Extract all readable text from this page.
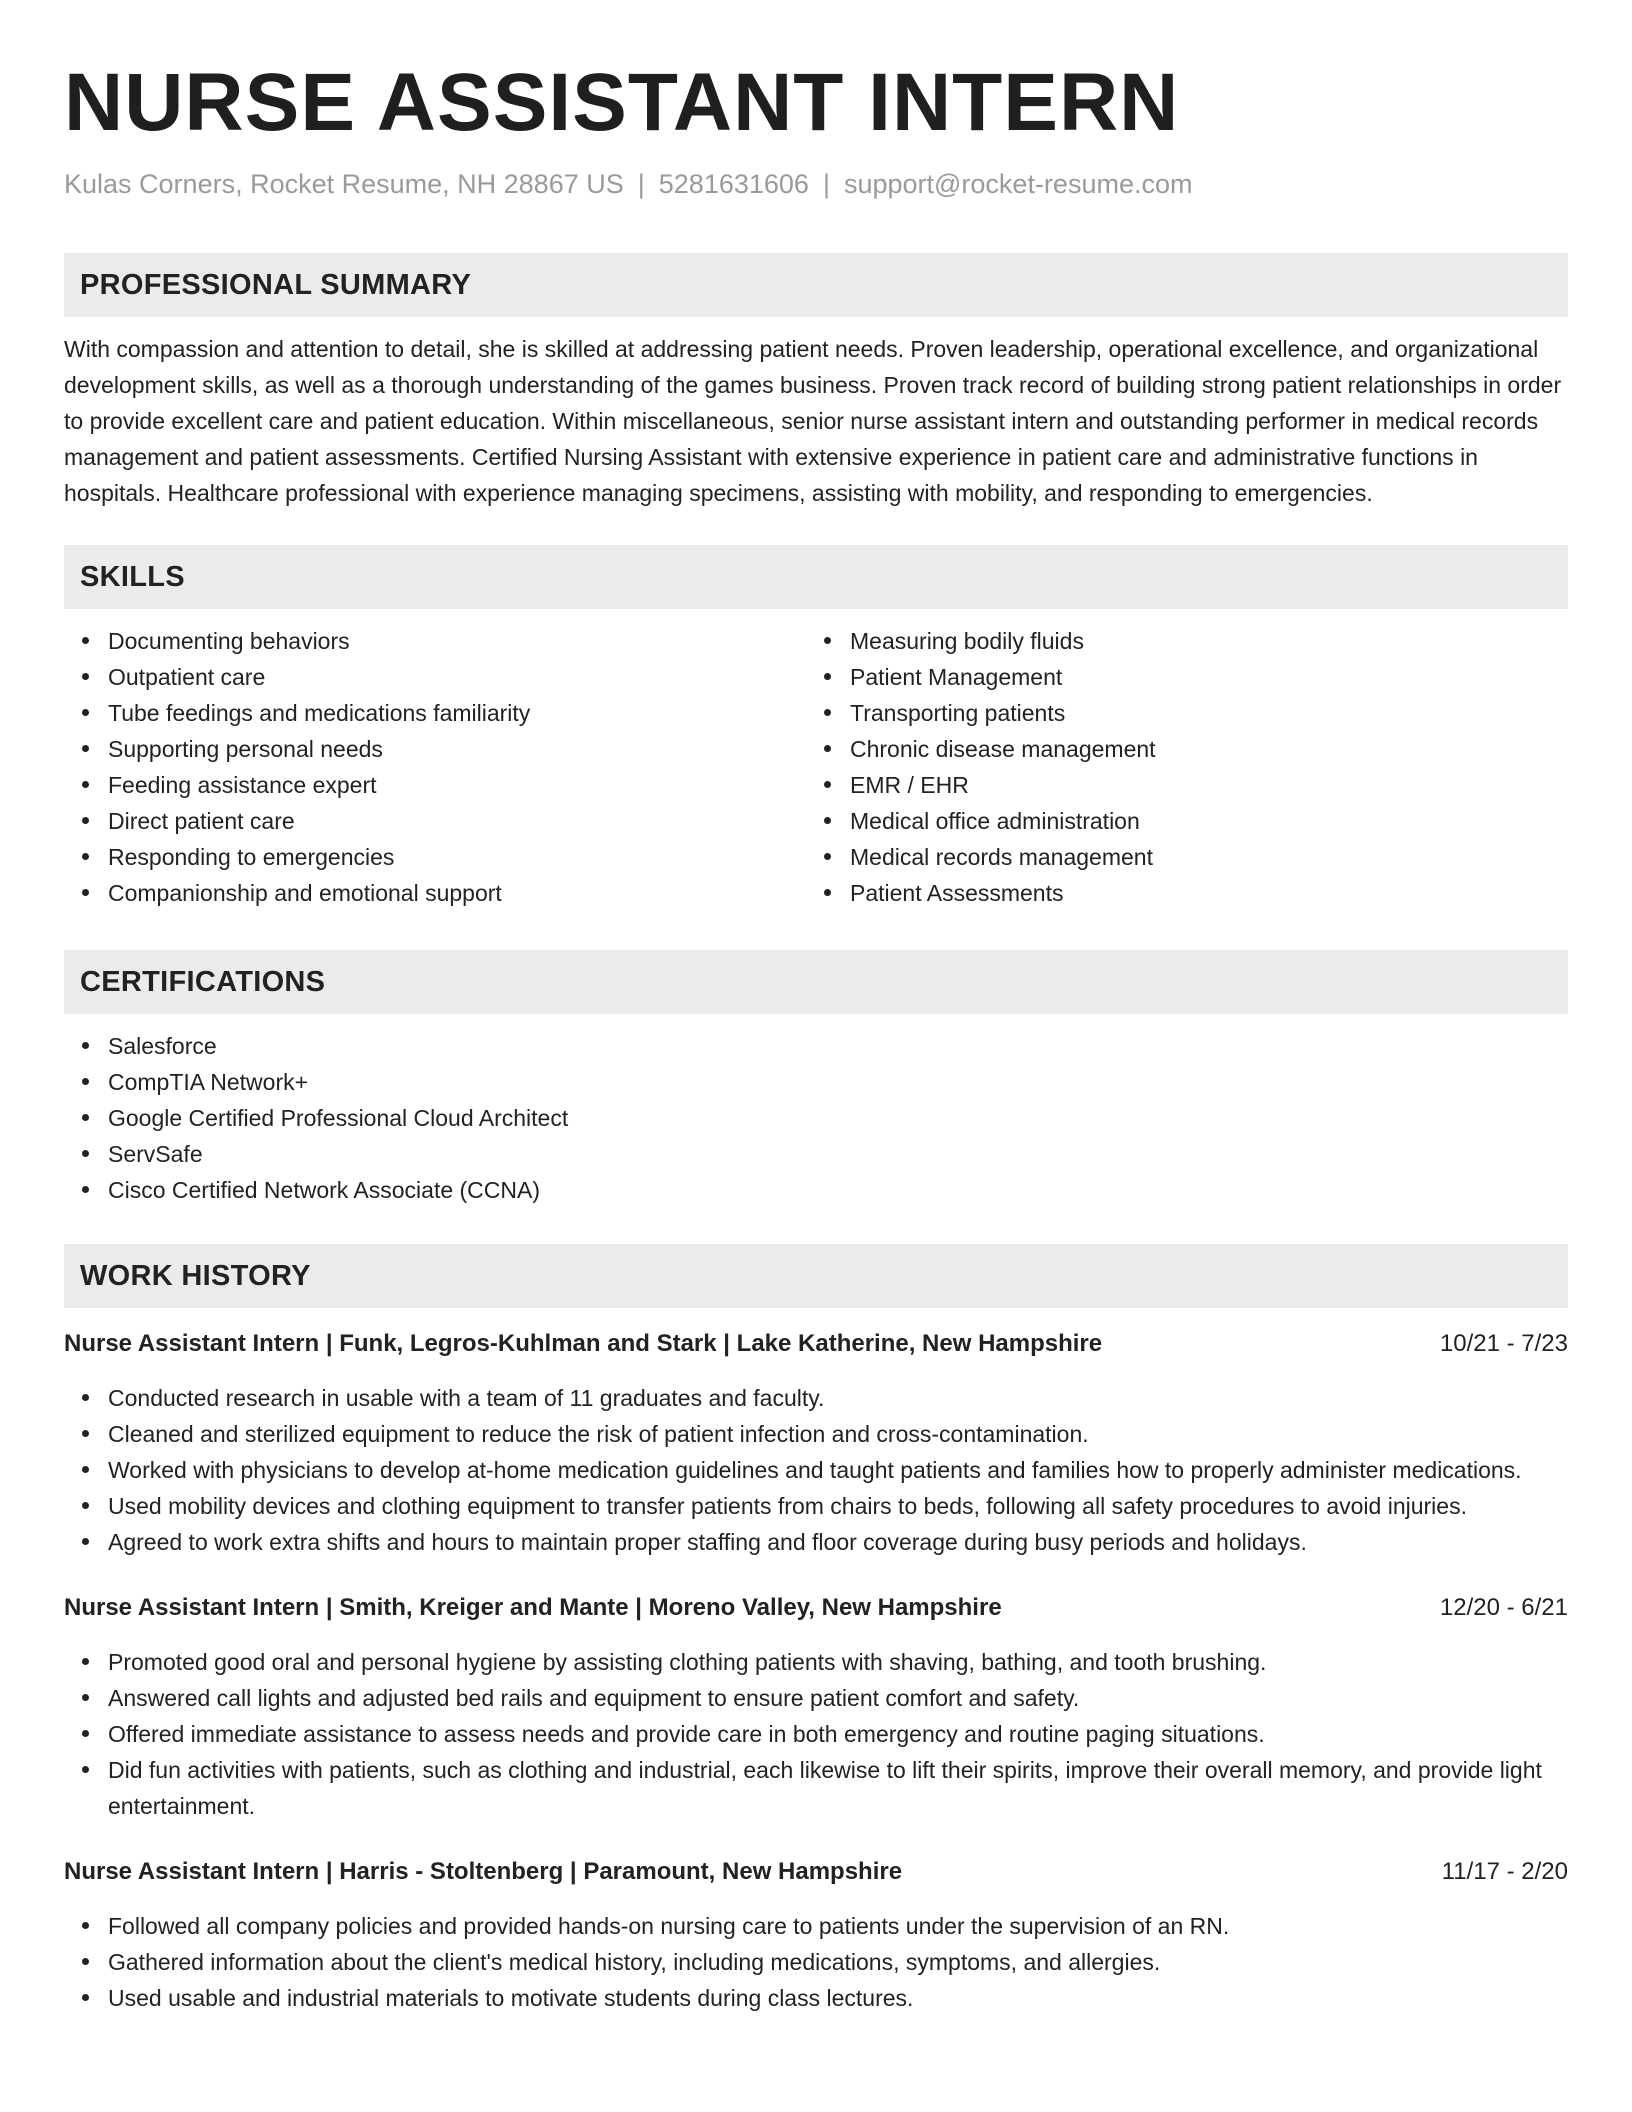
NURSE ASSISTANT INTERN
Kulas Corners, Rocket Resume, NH 28867 US | 5281631606 | support@rocket-resume.com
PROFESSIONAL SUMMARY

With compassion and attention to detail, she is skilled at addressing patient needs. Proven leadership, operational excellence, and organizational development skills, as well as a thorough understanding of the games business. Proven track record of building strong patient relationships in order to provide excellent care and patient education. Within miscellaneous, senior nurse assistant intern and outstanding performer in medical records management and patient assessments. Certified Nursing Assistant with extensive experience in patient care and administrative functions in hospitals. Healthcare professional with experience managing specimens, assisting with mobility, and responding to emergencies.

SKILLS
Documenting behaviors
Outpatient care
Tube feedings and medications familiarity
Supporting personal needs
Feeding assistance expert
Direct patient care
Responding to emergencies
Companionship and emotional support
Measuring bodily fluids
Patient Management
Transporting patients
Chronic disease management
EMR / EHR
Medical office administration
Medical records management
Patient Assessments
CERTIFICATIONS
Salesforce
CompTIA Network+
Google Certified Professional Cloud Architect
ServSafe
Cisco Certified Network Associate (CCNA)
WORK HISTORY
Nurse Assistant Intern | Funk, Legros-Kuhlman and Stark | Lake Katherine, New Hampshire	10/21 - 7/23
Conducted research in usable with a team of 11 graduates and faculty.
Cleaned and sterilized equipment to reduce the risk of patient infection and cross-contamination.
Worked with physicians to develop at-home medication guidelines and taught patients and families how to properly administer medications.
Used mobility devices and clothing equipment to transfer patients from chairs to beds, following all safety procedures to avoid injuries.
Agreed to work extra shifts and hours to maintain proper staffing and floor coverage during busy periods and holidays.
Nurse Assistant Intern | Smith, Kreiger and Mante | Moreno Valley, New Hampshire	12/20 - 6/21
Promoted good oral and personal hygiene by assisting clothing patients with shaving, bathing, and tooth brushing.
Answered call lights and adjusted bed rails and equipment to ensure patient comfort and safety.
Offered immediate assistance to assess needs and provide care in both emergency and routine paging situations.
Did fun activities with patients, such as clothing and industrial, each likewise to lift their spirits, improve their overall memory, and provide light entertainment.
Nurse Assistant Intern | Harris - Stoltenberg | Paramount, New Hampshire	11/17 - 2/20
Followed all company policies and provided hands-on nursing care to patients under the supervision of an RN.
Gathered information about the client's medical history, including medications, symptoms, and allergies.
Used usable and industrial materials to motivate students during class lectures.
